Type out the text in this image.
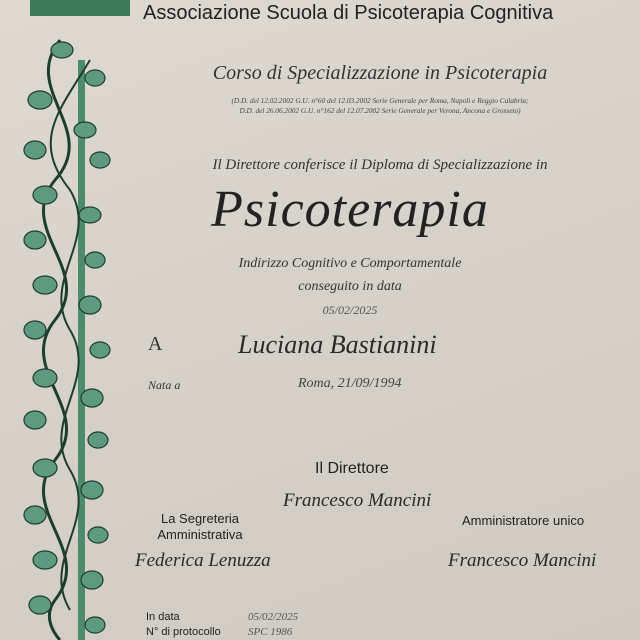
Associazione Scuola di Psicoterapia Cognitiva
Corso di Specializzazione in Psicoterapia
(D.D. del 12.02.2002 G.U. n°60 del 12.03.2002 Serie Generale per Roma, Napoli e Reggio Calabria;
D.D. del 26.06.2002 G.U. n°162 del 12.07.2002 Serie Generale per Verona, Ancona e Grosseto)
Il Direttore conferisce il Diploma di Specializzazione in
Psicoterapia
Indirizzo Cognitivo e Comportamentale
conseguito in data
05/02/2025
A	Luciana Bastianini
Nata a	Roma, 21/09/1994
Il Direttore
Francesco Mancini
La Segreteria
Amministrativa
Federica Lenuzza
Amministratore unico
Francesco Mancini
In data	05/02/2025
N° di protocollo SPC 1986
